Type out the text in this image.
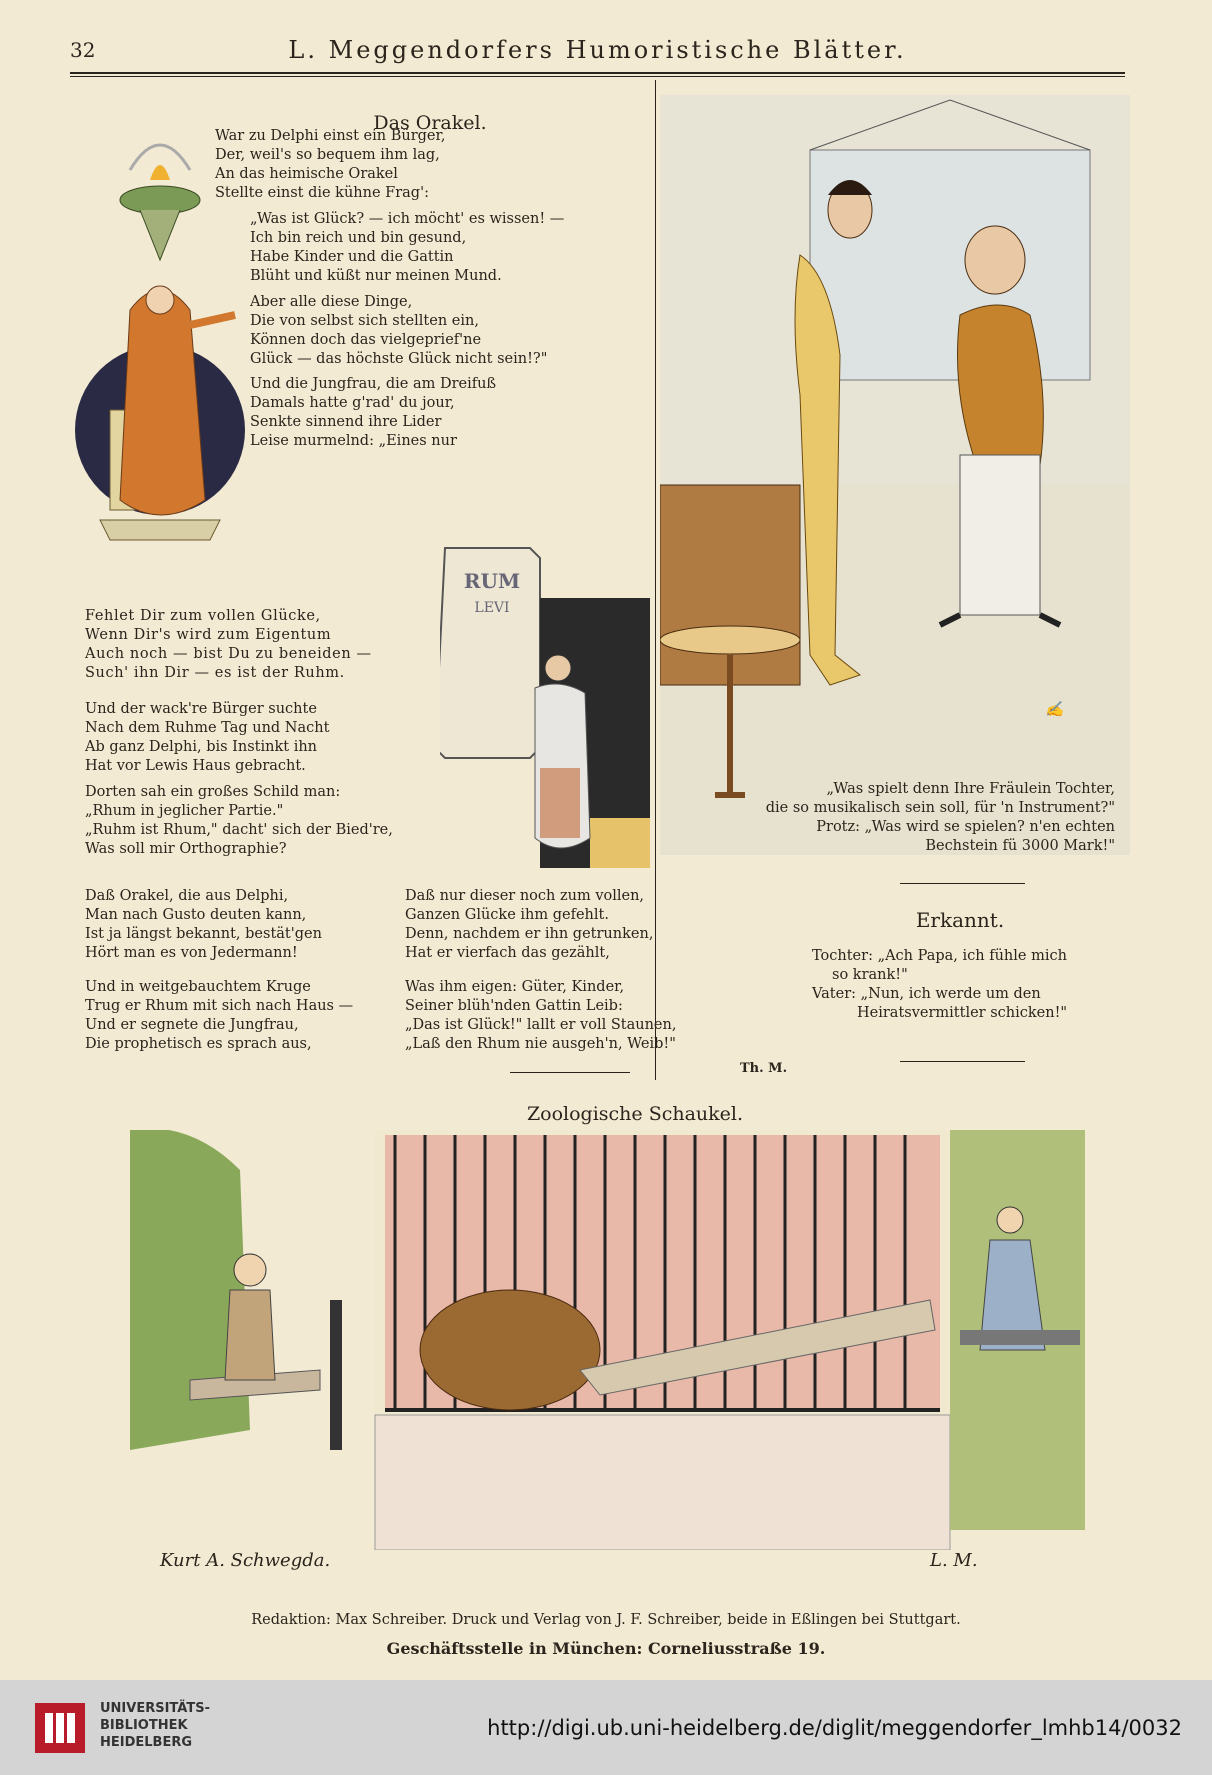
32	L. Meggendorfers Humoristische Blätter.
Das Orakel.

War zu Delphi einst ein Bürger,

Der, weil's so bequem ihm lag,

An das heimische Orakel

Stellte einst die kühne Frag':

„Was ist Glück? — ich möcht' es wissen! —

Ich bin reich und bin gesund,

Habe Kinder und die Gattin

Blüht und küßt nur meinen Mund.

Aber alle diese Dinge,

Die von selbst sich stellten ein,

Können doch das vielgeprief'ne

Glück — das höchste Glück nicht sein!?"

Und die Jungfrau, die am Dreifuß

Damals hatte g'rad' du jour,

Senkte sinnend ihre Lider

Leise murmelnd: „Eines nur

RUM
LEVI

Fehlet Dir zum vollen Glücke,

Wenn Dir's wird zum Eigentum

Auch noch — bist Du zu beneiden —

Such' ihn Dir — es ist der Ruhm.

Und der wack're Bürger suchte

Nach dem Ruhme Tag und Nacht

Ab ganz Delphi, bis Instinkt ihn

Hat vor Lewis Haus gebracht.

Dorten sah ein großes Schild man:

„Rhum in jeglicher Partie."

„Ruhm ist Rhum," dacht' sich der Bied're,

Was soll mir Orthographie?

Daß Orakel, die aus Delphi,

Man nach Gusto deuten kann,

Ist ja längst bekannt, bestät'gen

Hört man es von Jedermann!

Und in weitgebauchtem Kruge

Trug er Rhum mit sich nach Haus —

Und er segnete die Jungfrau,

Die prophetisch es sprach aus,

Daß nur dieser noch zum vollen,

Ganzen Glücke ihm gefehlt.

Denn, nachdem er ihn getrunken,

Hat er vierfach das gezählt,

Was ihm eigen: Güter, Kinder,

Seiner blüh'nden Gattin Leib:

„Das ist Glück!" lallt er voll Staunen,

„Laß den Rhum nie ausgeh'n, Weib!"

Th. M.
✍

„Was spielt denn Ihre Fräulein Tochter,

die so musikalisch sein soll, für 'n Instrument?"

Protz: „Was wird se spielen? n'en echten

Bechstein fü 3000 Mark!"

Erkannt.

Tochter: „Ach Papa, ich fühle mich

so krank!"

Vater: „Nun, ich werde um den

Heiratsvermittler schicken!"

Zoologische Schaukel.
Kurt A. Schwegda.	L. M.
Redaktion: Max Schreiber. Druck und Verlag von J. F. Schreiber, beide in Eßlingen bei Stuttgart.
Geschäftsstelle in München: Corneliusstraße 19.
UNIVERSITÄTS-
BIBLIOTHEK
HEIDELBERG
http://digi.ub.uni-heidelberg.de/diglit/meggendorfer_lmhb14/0032
